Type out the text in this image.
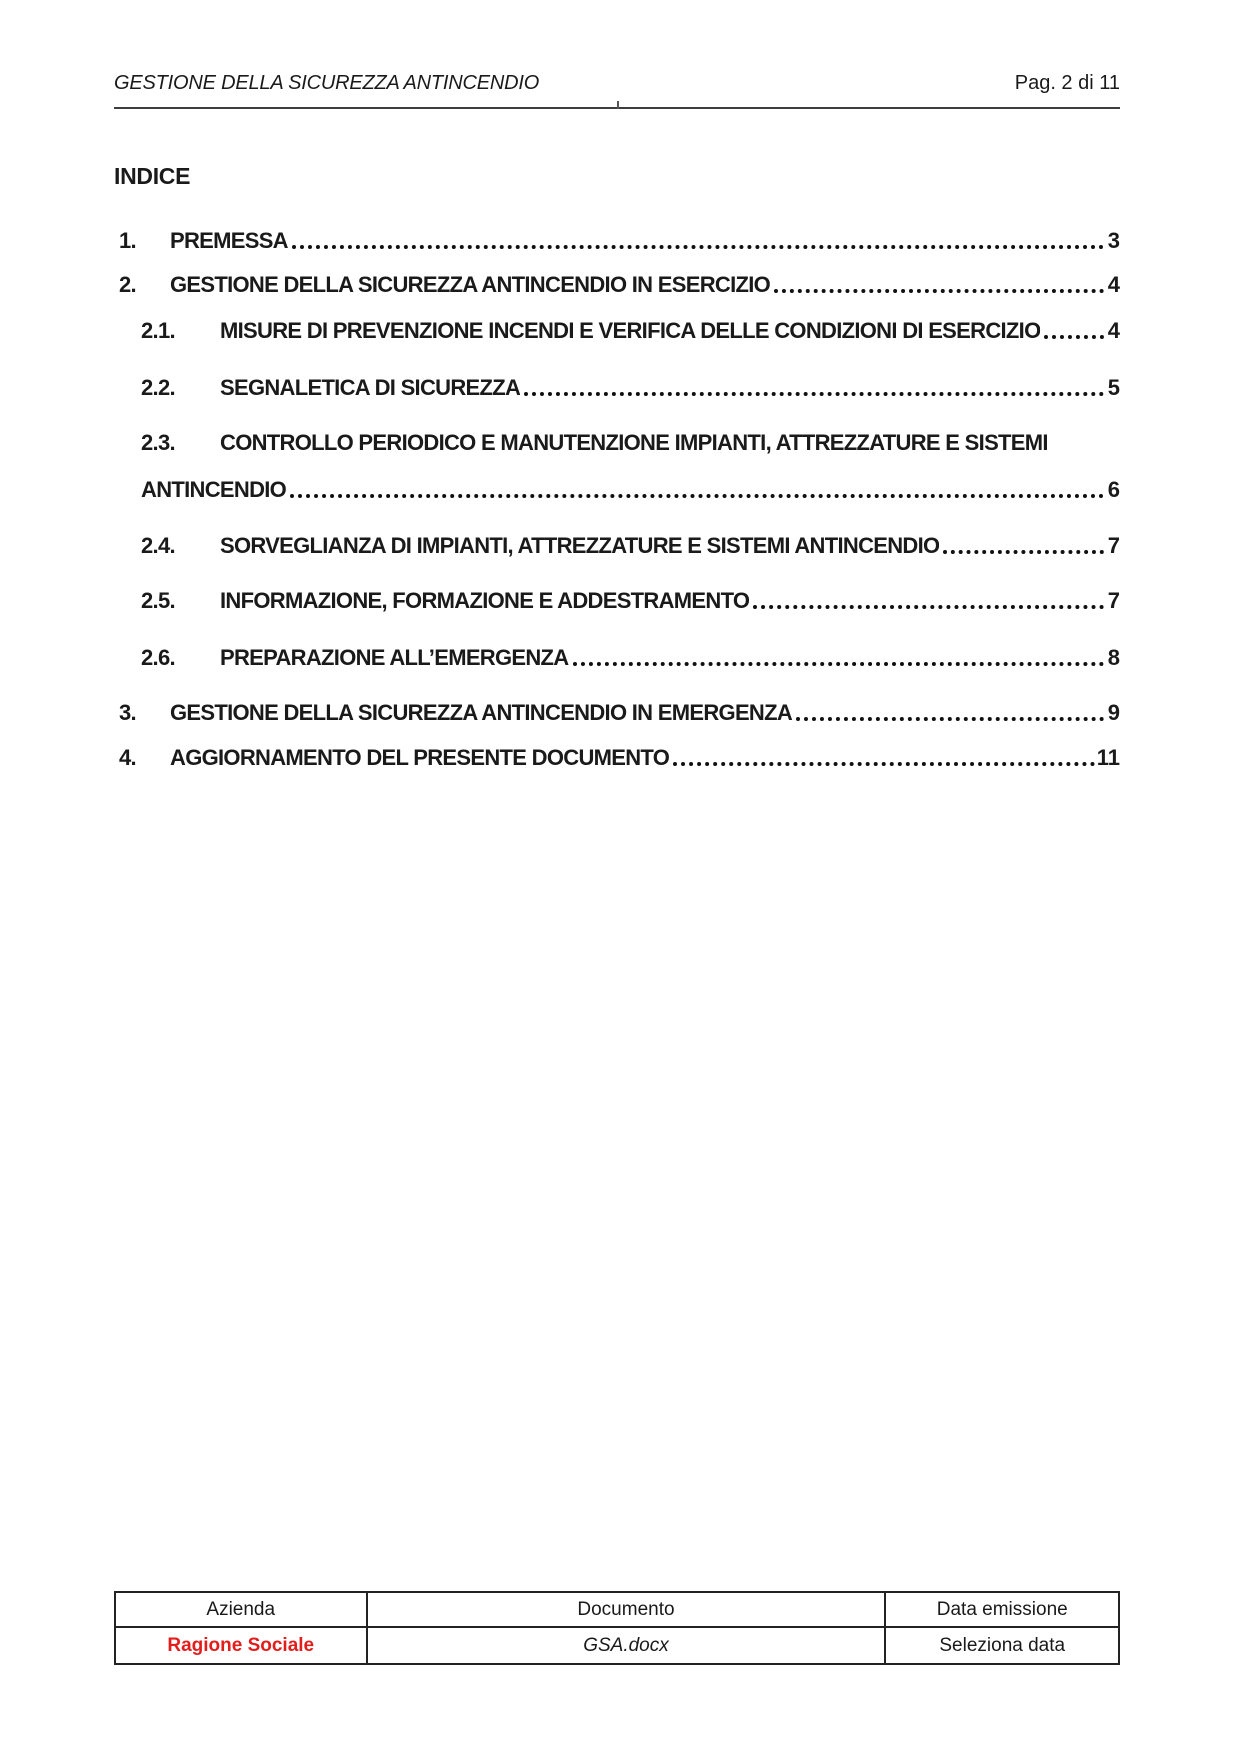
GESTIONE DELLA SICUREZZA ANTINCENDIO	Pag. 2 di 11

INDICE

1.	PREMESSA	3
2.	GESTIONE DELLA SICUREZZA ANTINCENDIO IN ESERCIZIO	4
2.1.	MISURE DI PREVENZIONE INCENDI E VERIFICA DELLE CONDIZIONI DI ESERCIZIO	4
2.2.	SEGNALETICA DI SICUREZZA	5
2.3.	CONTROLLO PERIODICO E MANUTENZIONE IMPIANTI, ATTREZZATURE E SISTEMI
ANTINCENDIO	6
2.4.	SORVEGLIANZA DI IMPIANTI, ATTREZZATURE E SISTEMI ANTINCENDIO	7
2.5.	INFORMAZIONE, FORMAZIONE E ADDESTRAMENTO	7
2.6.	PREPARAZIONE ALL’EMERGENZA	8
3.	GESTIONE DELLA SICUREZZA ANTINCENDIO IN EMERGENZA	9
4.	AGGIORNAMENTO DEL PRESENTE DOCUMENTO	11
Azienda	Documento	Data emissione
Ragione Sociale	GSA.docx	Seleziona data
